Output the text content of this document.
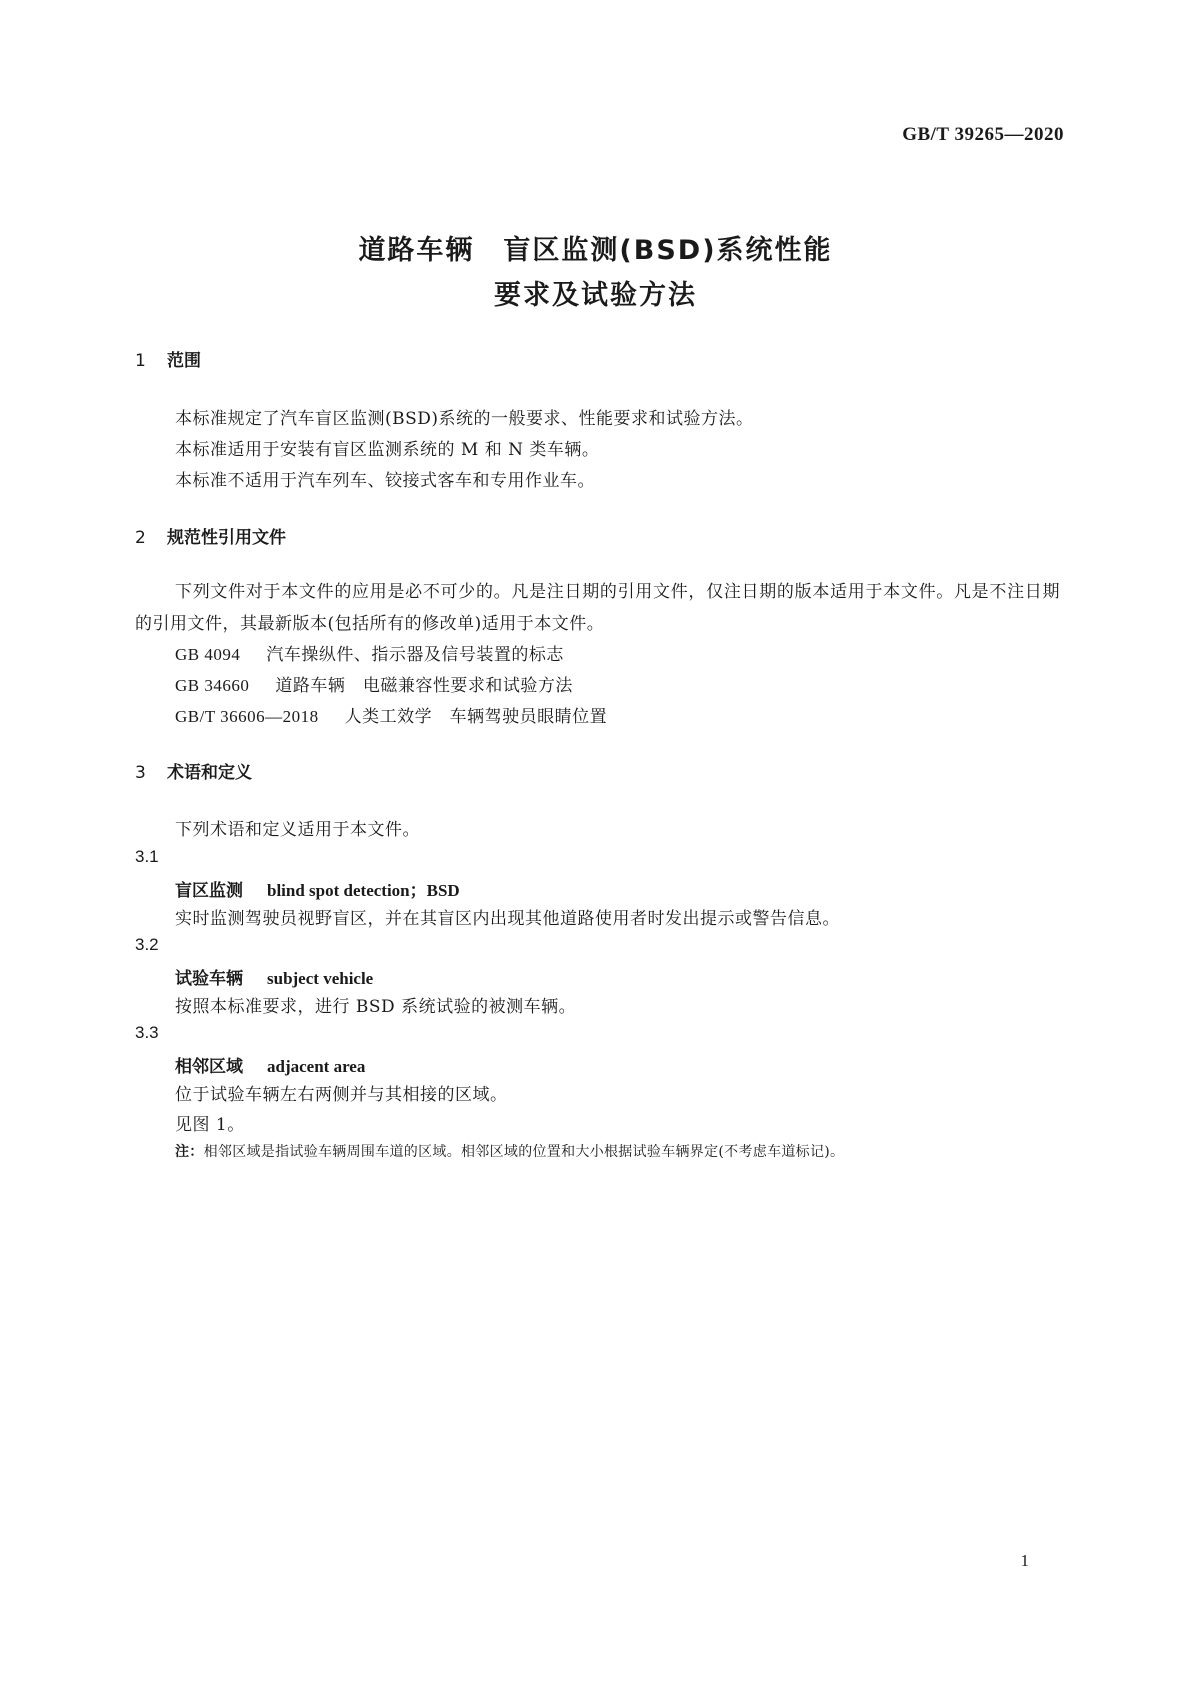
GB/T 39265—2020
道路车辆　盲区监测(BSD)系统性能
要求及试验方法
1 范围
本标准规定了汽车盲区监测(BSD)系统的一般要求、性能要求和试验方法。
本标准适用于安装有盲区监测系统的 M 和 N 类车辆。
本标准不适用于汽车列车、铰接式客车和专用作业车。
2 规范性引用文件
下列文件对于本文件的应用是必不可少的。凡是注日期的引用文件，仅注日期的版本适用于本文件。凡是不注日期的引用文件，其最新版本(包括所有的修改单)适用于本文件。
GB 4094 汽车操纵件、指示器及信号装置的标志
GB 34660 道路车辆　电磁兼容性要求和试验方法
GB/T 36606—2018 人类工效学　车辆驾驶员眼睛位置
3 术语和定义
下列术语和定义适用于本文件。
3.1
盲区监测 blind spot detection；BSD
实时监测驾驶员视野盲区，并在其盲区内出现其他道路使用者时发出提示或警告信息。
3.2
试验车辆 subject vehicle
按照本标准要求，进行 BSD 系统试验的被测车辆。
3.3
相邻区域 adjacent area
位于试验车辆左右两侧并与其相接的区域。
见图 1。
注：相邻区域是指试验车辆周围车道的区域。相邻区域的位置和大小根据试验车辆界定(不考虑车道标记)。
1
